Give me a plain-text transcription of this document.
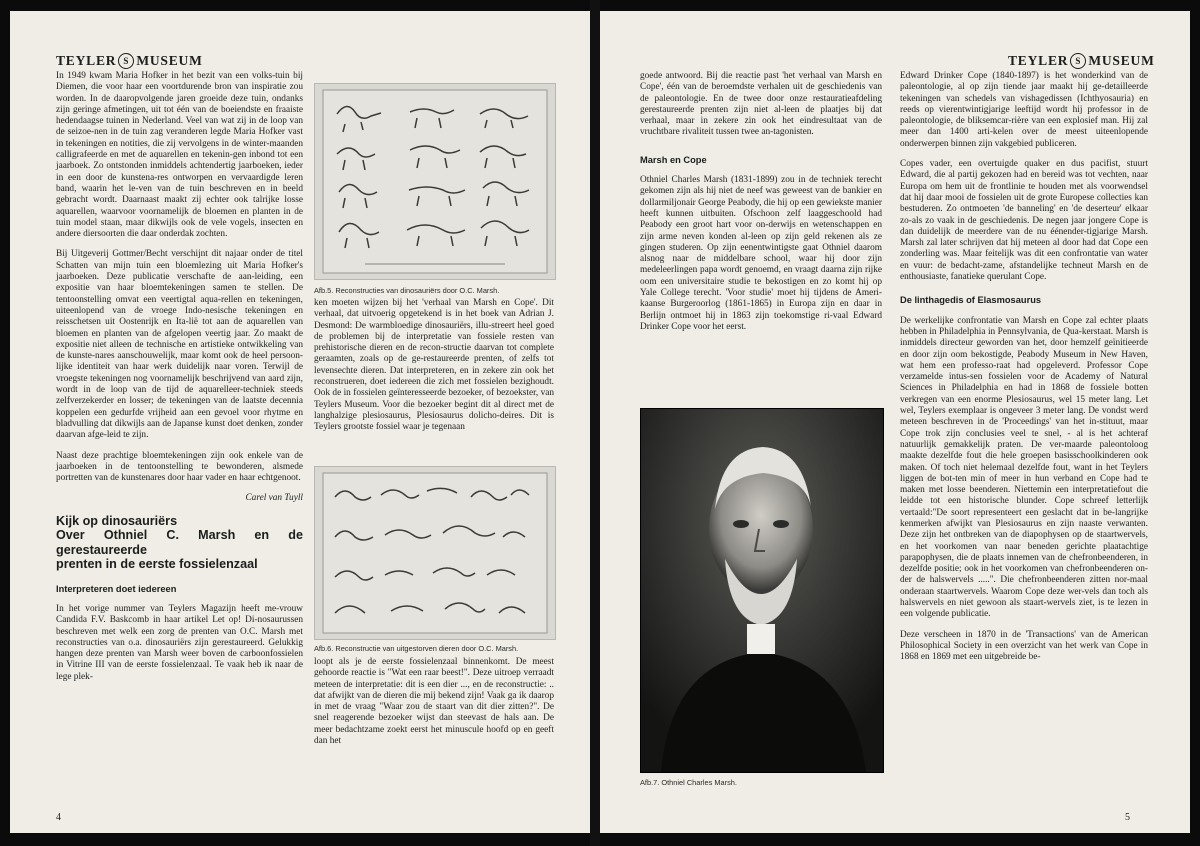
TEYLER S MUSEUM

In 1949 kwam Maria Hofker in het bezit van een volks-tuin bij Diemen, die voor haar een voortdurende bron van inspiratie zou worden. In de daaropvolgende jaren groeide deze tuin, ondanks zijn geringe afmetingen, uit tot één van de boeiendste en fraaiste hedendaagse tuinen in Nederland. Veel van wat zij in de loop van de seizoe-nen in de tuin zag veranderen legde Maria Hofker vast in tekeningen en notities, die zij vervolgens in de winter-maanden calligrafeerde en met de aquarellen en tekenin-gen inbond tot een jaarboek. Zo ontstonden inmiddels achtendertig jaarboeken, ieder in een door de kunstena-res ontworpen en vervaardigde leren band, waarin het le-ven van de tuin beschreven en in beeld gebracht wordt. Daarnaast maakt zij echter ook talrijke losse aquarellen, waarvoor voornamelijk de bloemen en planten in de tuin model staan, maar dikwijls ook de vele vogels, insecten en andere diersoorten die daar onderdak zochten.

Bij Uitgeverij Gottmer/Becht verschijnt dit najaar onder de titel Schatten van mijn tuin een bloemlezing uit Maria Hofker's jaarboeken. Deze publicatie verschafte de aan-leiding, een expositie van haar bloemtekeningen samen te stellen. De tentoonstelling omvat een veertigtal aqua-rellen en tekeningen, uiteenlopend van de vroege Indo-nesische tekeningen en reisschetsen uit Oostenrijk en Ita-lië tot aan de aquarellen van bloemen en planten van de afgelopen veertig jaar. Zo maakt de expositie niet alleen de technische en artistieke ontwikkeling van de kunste-nares aanschouwelijk, maar komt ook de heel persoon-lijke identiteit van haar werk duidelijk naar voren. Terwijl de vroegste tekeningen nog voornamelijk beschrijvend van aard zijn, wordt in de loop van de tijd de aquarelleer-techniek steeds zelfverzekerder en losser; de tekeningen van de laatste decennia koppelen een gedurfde vrijheid aan een gevoel voor rhytme en bladvulling dat dikwijls aan de Japanse kunst doet denken, zonder daarvan afge-leid te zijn.

Naast deze prachtige bloemtekeningen zijn ook enkele van de jaarboeken in de tentoonstelling te bewonderen, alsmede portretten van de kunstenares door haar vader en haar echtgenoot.

Carel van Tuyll

Kijk op dinosauriërs
Over Othniel C. Marsh en de gerestaureerde
prenten in de eerste fossielenzaal

Interpreteren doet iedereen

In het vorige nummer van Teylers Magazijn heeft me-vrouw Candida F.V. Baskcomb in haar artikel Let op! Di-nosaurussen beschreven met welk een zorg de prenten van O.C. Marsh met reconstructies van o.a. dinosauriërs zijn gerestaureerd. Gelukkig hangen deze prenten van Marsh weer boven de carboonfossielen in Vitrine III van de eerste fossielenzaal. Te vaak heb ik naar de lege plek-

Afb.5. Reconstructies van dinosauriërs door O.C. Marsh.

ken moeten wijzen bij het 'verhaal van Marsh en Cope'. Dit verhaal, dat uitvoerig opgetekend is in het boek van Adrian J. Desmond: De warmbloedige dinosauriërs, illu-streert heel goed de problemen bij de interpretatie van fossiele resten van prehistorische dieren en de recon-structie daarvan tot complete geraamten, zoals op de ge-restaureerde prenten, of zelfs tot levensechte dieren. Dat interpreteren, en in zekere zin ook het reconstrueren, doet iedereen die zich met fossielen bezighoudt. Ook de in fossielen geïnteresseerde bezoeker, of bezoekster, van Teylers Museum. Voor die bezoeker begint dit al direct met de langhalzige plesiosaurus, Plesiosaurus dolicho-deires. Dit is Teylers grootste fossiel waar je tegenaan

Afb.6. Reconstructie van uitgestorven dieren door O.C. Marsh.

loopt als je de eerste fossielenzaal binnenkomt. De meest gehoorde reactie is "Wat een raar beest!". Deze uitroep verraadt meteen de interpretatie: dit is een dier ..., en de reconstructie: .. dat afwijkt van de dieren die mij bekend zijn! Vaak ga ik daarop in met de vraag "Waar zou de staart van dit dier zitten?". De snel reagerende bezoeker wijst dan steevast de hals aan. De meer bedachtzame zoekt eerst het minuscule hoofd op en geeft dan het

4
TEYLER S MUSEUM

goede antwoord. Bij die reactie past 'het verhaal van Marsh en Cope', één van de beroemdste verhalen uit de geschiedenis van de paleontologie. En de twee door onze restauratieafdeling gerestaureerde prenten zijn niet al-leen de plaatjes bij dat verhaal, maar in zekere zin ook het eindresultaat van de vruchtbare rivaliteit tussen twee an-tagonisten.

Marsh en Cope

Othniel Charles Marsh (1831-1899) zou in de techniek terecht gekomen zijn als hij niet de neef was geweest van de bankier en dollarmiljonair George Peabody, die hij op een gewiekste manier heeft kunnen uitbuiten. Ofschoon zelf laaggeschoold had Peabody een groot hart voor on-derwijs en wetenschappen en zijn arme neven konden al-leen op zijn geld rekenen als ze gingen studeren. Op zijn eenentwintigste gaat Othniel daarom alsnog naar de middelbare school, waar hij door zijn medeleerlingen papa wordt genoemd, en vraagt daarna zijn rijke oom een universitaire studie te bekostigen en zo komt hij op Yale College terecht. 'Voor studie' moet hij tijdens de Ameri-kaanse Burgeroorlog (1861-1865) in Europa zijn en daar in Berlijn ontmoet hij in 1863 zijn toekomstige ri-vaal Edward Drinker Cope voor het eerst.

Afb.7. Othniel Charles Marsh.

Edward Drinker Cope (1840-1897) is het wonderkind van de paleontologie, al op zijn tiende jaar maakt hij ge-detailleerde tekeningen van schedels van vishagedissen (Ichthyosauria) en reeds op vierentwintigjarige leeftijd wordt hij professor in de paleontologie, de bliksemcar-rière van een explosief man. Hij zal meer dan 1400 arti-kelen over de meest uiteenlopende onderwerpen binnen zijn vakgebied publiceren.

Copes vader, een overtuigde quaker en dus pacifist, stuurt Edward, die al partij gekozen had en bereid was tot vechten, naar Europa om hem uit de frontlinie te houden met als voorwendsel dat hij daar mooi de fossielen uit de grote Europese collecties kan bestuderen. Zo ontmoeten 'de banneling' en 'de deserteur' elkaar zo-als zo vaak in de geschiedenis. De negen jaar jongere Cope is dan duidelijk de meerdere van de nu éénender-tigjarige Marsh. Marsh zal later schrijven dat hij meteen al door had dat Cope een zonderling was. Maar feitelijk was dit een confrontatie van water en vuur: de bedacht-zame, afstandelijke techneut Marsh en de enthousiaste, fanatieke querulant Cope.

De linthagedis of Elasmosaurus

De werkelijke confrontatie van Marsh en Cope zal echter plaats hebben in Philadelphia in Pennsylvania, de Qua-kerstaat. Marsh is inmiddels directeur geworden van het, door hemzelf geïnitieerde en door zijn oom bekostigde, Peabody Museum in New Haven, wat hem een professo-raat had opgeleverd. Professor Cope verzamelde intus-sen fossielen voor de Academy of Natural Sciences in Philadelphia en had in 1868 de fossiele botten verkregen van een enorme Plesiosaurus, wel 15 meter lang. Let wel, Teylers exemplaar is ongeveer 3 meter lang. De vondst werd meteen beschreven in de 'Proceedings' van het in-stituut, maar Cope trok zijn conclusies veel te snel, - al is het achteraf natuurlijk gemakkelijk praten. De ver-maarde paleontoloog maakte dezelfde fout die hele groepen basisschoolkinderen ook maken. Of toch niet helemaal dezelfde fout, want in het Teylers liggen de bot-ten min of meer in hun verband en Cope had te maken met losse beenderen. Niettemin een interpretatiefout die leidde tot een historische blunder. Cope schreef letterlijk vertaald:"De soort representeert een geslacht dat in be-langrijke kenmerken afwijkt van Plesiosaurus en zijn naaste verwanten. Deze zijn het ontbreken van de diapophysen op de staartwervels, en het voorkomen van naar beneden gerichte plaatachtige parapophysen, die de plaats innemen van de chefronbeenderen, in dezelfde positie; ook in het voorkomen van chefronbeenderen on-der de halswervels .....". Die chefronbeenderen zitten nor-maal onderaan staartwervels. Waarom Cope deze wer-vels dan toch als halswervels en niet gewoon als staart-wervels ziet, is te lezen in een volgende publicatie.

Deze verscheen in 1870 in de 'Transactions' van de American Philosophical Society in een overzicht van het werk van Cope in 1868 en 1869 met een uitgebreide be-

5
